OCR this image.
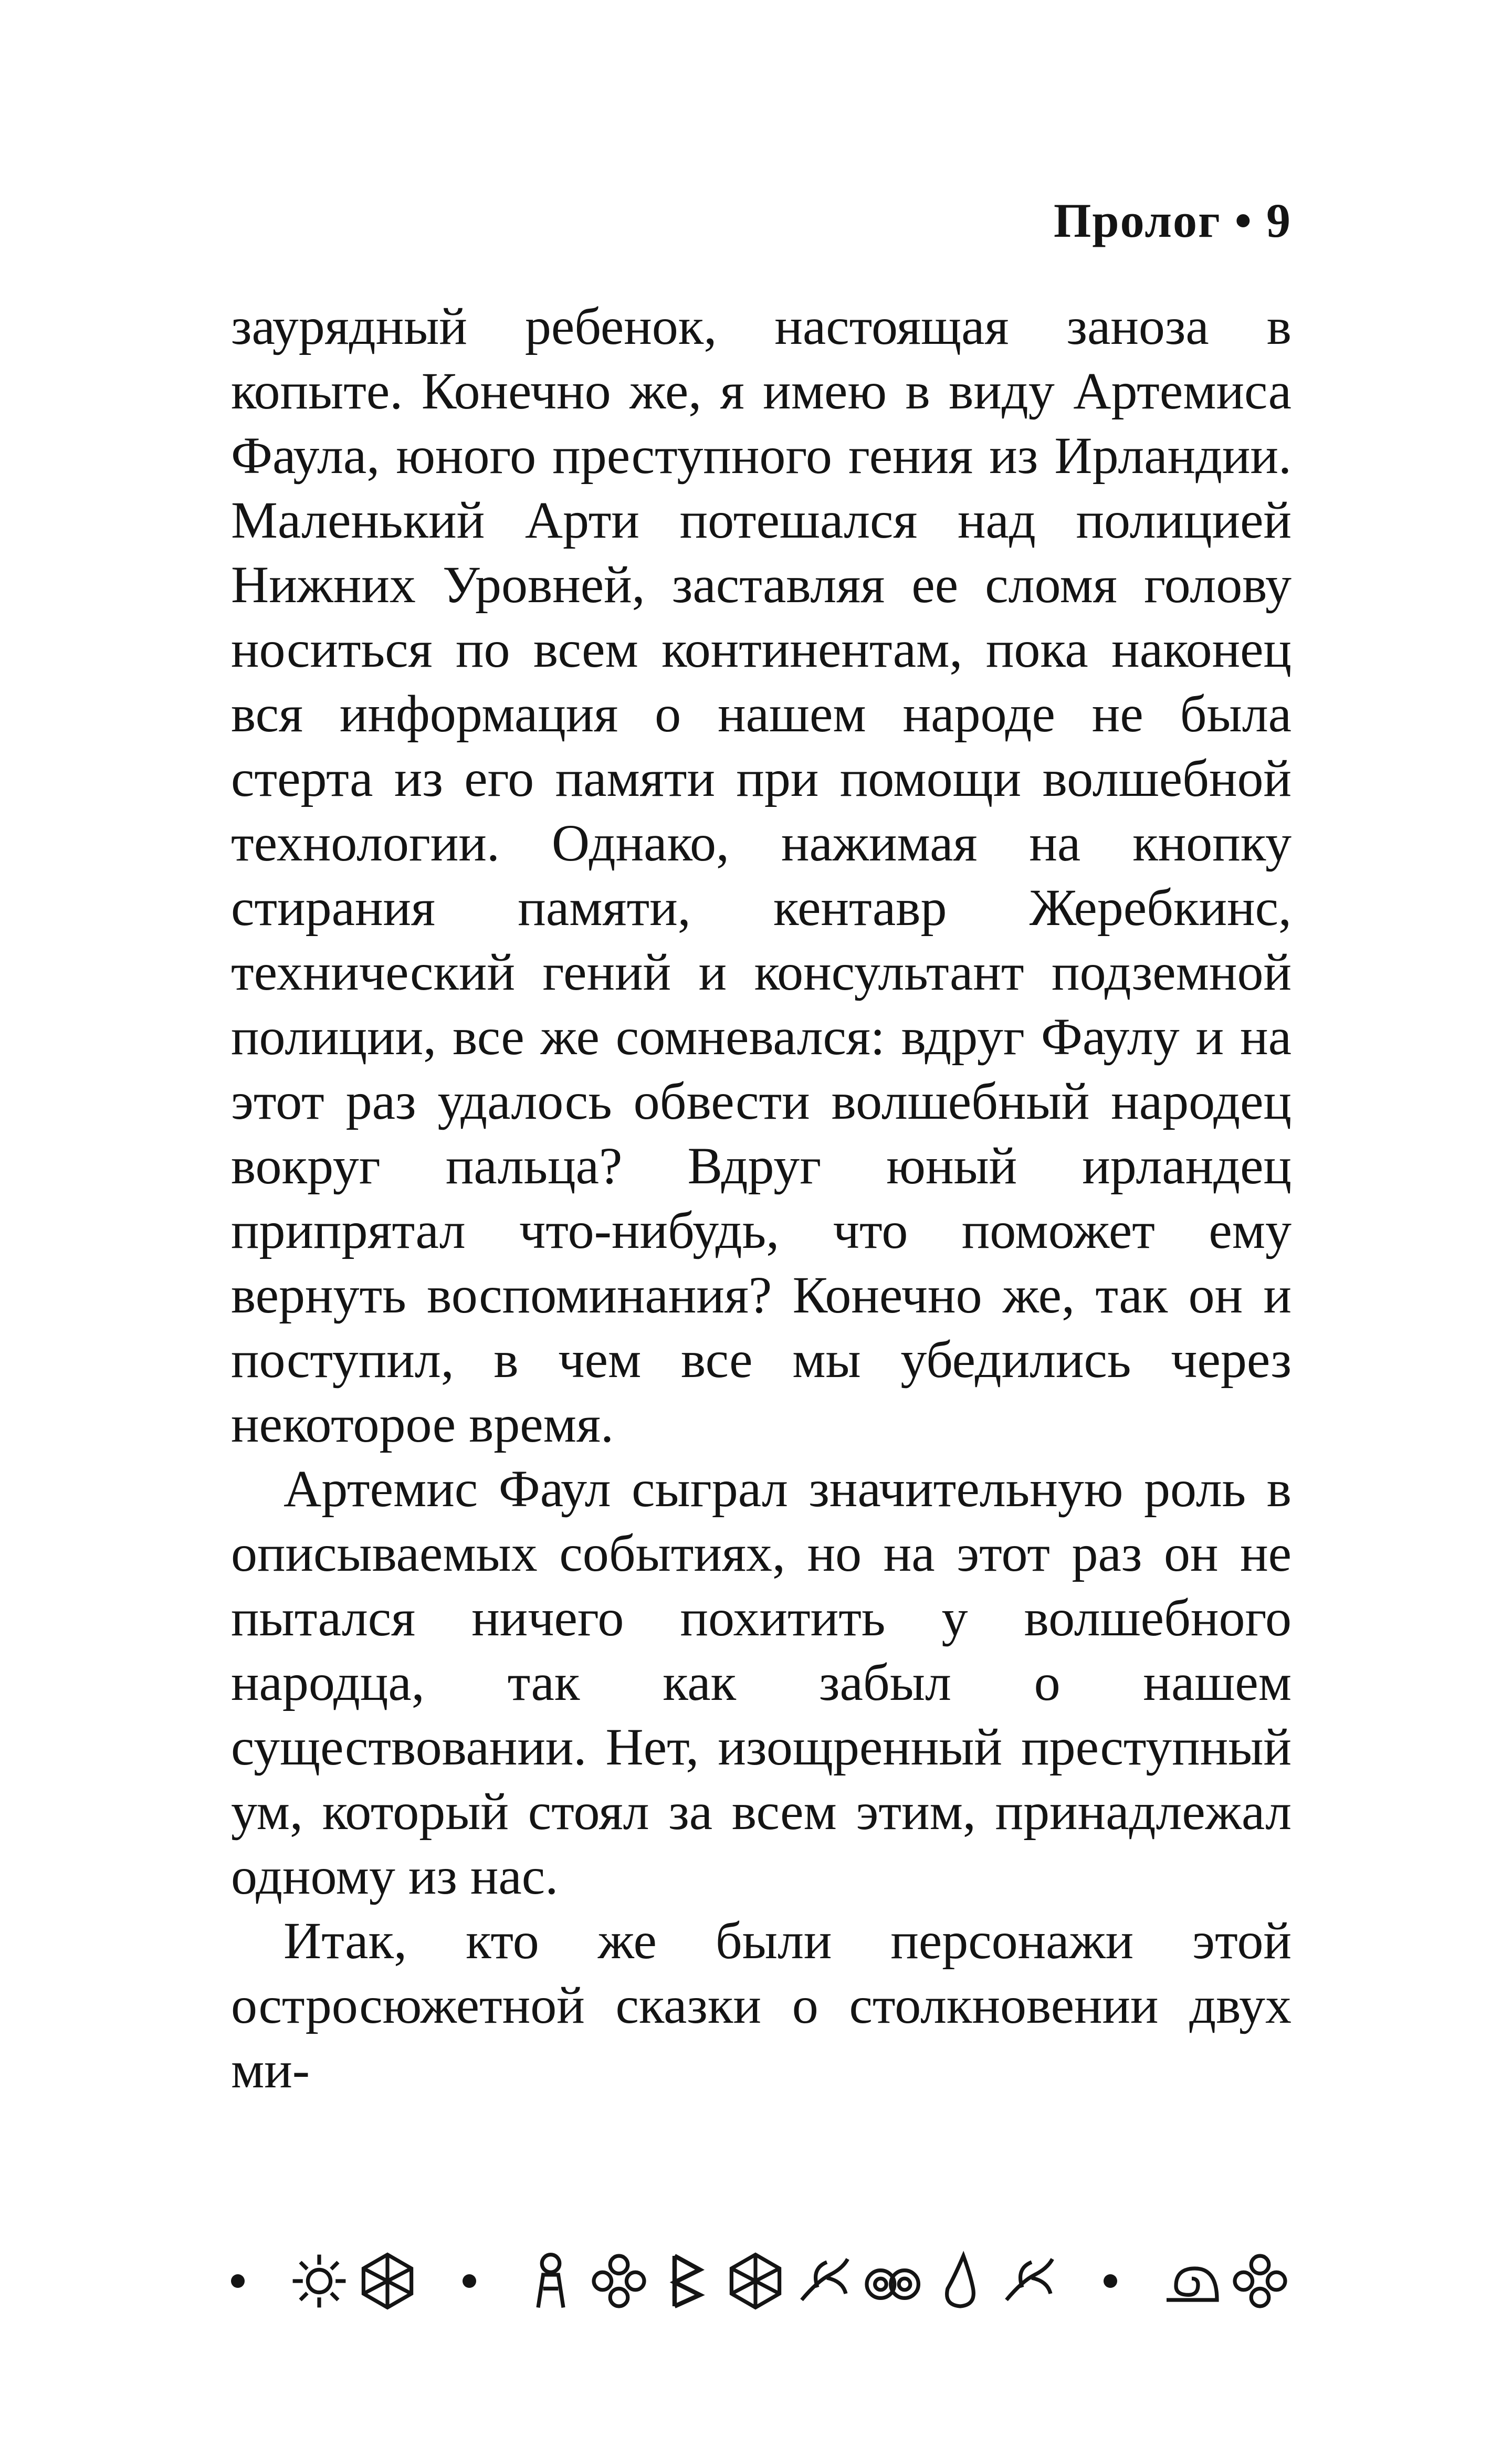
Пролог • 9

заурядный ребенок, настоящая заноза в копыте. Конечно же, я имею в виду Артемиса Фаула, юного преступного гения из Ирландии. Маленький Арти потешался над полицией Нижних Уровней, заставляя ее сломя голову носиться по всем континентам, пока наконец вся информация о нашем народе не была стерта из его памяти при помощи волшебной технологии. Однако, нажимая на кнопку стирания памяти, кентавр Жеребкинс, технический гений и консультант подземной полиции, все же сомневался: вдруг Фаулу и на этот раз удалось обвести волшебный народец вокруг пальца? Вдруг юный ирландец припрятал что-нибудь, что поможет ему вернуть воспоминания? Конечно же, так он и поступил, в чем все мы убедились через некоторое время.

Артемис Фаул сыграл значительную роль в описываемых событиях, но на этот раз он не пытался ничего похитить у волшебного народца, так как забыл о нашем существовании. Нет, изощренный преступный ум, который стоял за всем этим, принадлежал одному из нас.

Итак, кто же были персонажи этой остросюжетной сказки о столкновении двух ми-
